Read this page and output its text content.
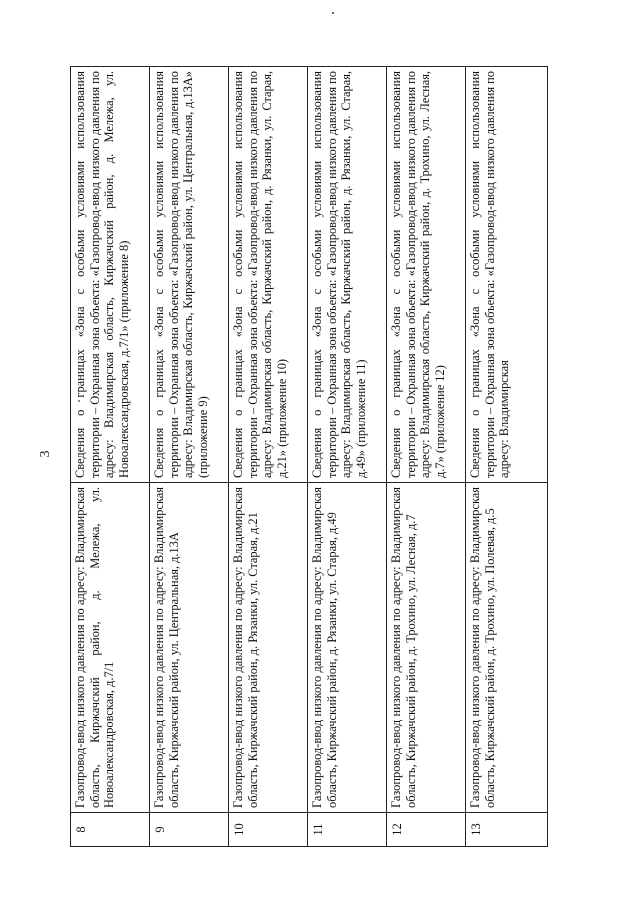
3
8	Газопровод-ввод низкого давления по адресу: Владимирская область, Киржачский район, д. Мележа, ул. Новоалександровская, д.7/1	Сведения о границах «Зона с особыми условиями использования территории – Охранная зона объекта: «Газопровод-ввод низкого давления по адресу: Владимирская область, Киржачский район, д. Мележа, ул. Новоалександровская, д.7/1» (приложение 8)
9	Газопровод-ввод низкого давления по адресу: Владимирская область, Киржачский район, ул. Центральная, д.13А	Сведения о границах «Зона с особыми условиями использования территории – Охранная зона объекта: «Газопровод-ввод низкого давления по адресу: Владимирская область, Киржачский район, ул. Центральная, д.13А» (приложение 9)
10	Газопровод-ввод низкого давления по адресу: Владимирская область, Киржачский район, д. Рязанки, ул. Старая, д.21	Сведения о границах «Зона с особыми условиями использования территории – Охранная зона объекта: «Газопровод-ввод низкого давления по адресу: Владимирская область, Киржачский район, д. Рязанки, ул. Старая, д.21» (приложение 10)
11	Газопровод-ввод низкого давления по адресу: Владимирская область, Киржачский район, д. Рязанки, ул. Старая, д.49	Сведения о границах «Зона с особыми условиями использования территории – Охранная зона объекта: «Газопровод-ввод низкого давления по адресу: Владимирская область, Киржачский район, д. Рязанки, ул. Старая, д.49» (приложение 11)
12	Газопровод-ввод низкого давления по адресу: Владимирская область, Киржачский район, д. Трохино, ул. Лесная, д.7	Сведения о границах «Зона с особыми условиями использования территории – Охранная зона объекта: «Газопровод-ввод низкого давления по адресу: Владимирская область, Киржачский район, д. Трохино, ул. Лесная, д.7» (приложение 12)
13	Газопровод-ввод низкого давления по адресу: Владимирская область, Киржачский район, д. Трохино, ул. Полевая, д.5	Сведения о границах «Зона с особыми условиями использования территории – Охранная зона объекта: «Газопровод-ввод низкого давления по адресу: Владимирская
